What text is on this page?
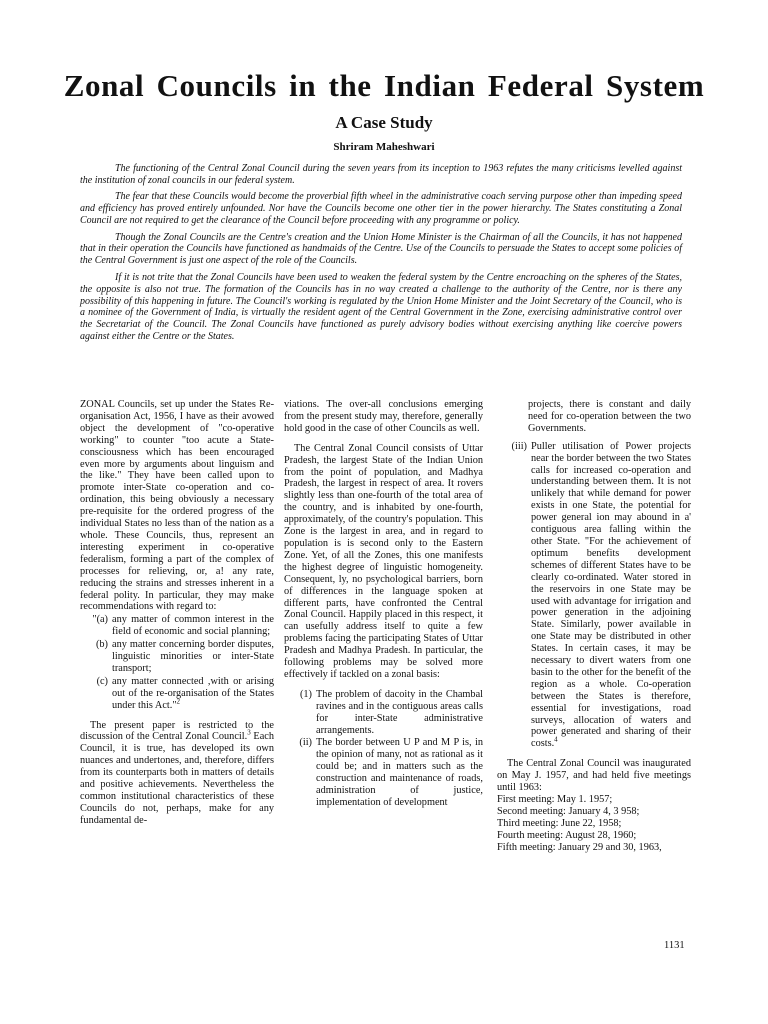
Zonal Councils in the Indian Federal System
A Case Study

Shriram Maheshwari

The functioning of the Central Zonal Council during the seven years from its inception to 1963 refutes the many criticisms levelled against the institution of zonal councils in our federal system.

The fear that these Councils would become the proverbial fifth wheel in the administrative coach serving purpose other than impeding speed and efficiency has proved entirely unfounded. Nor have the Councils become one other tier in the power hierarchy. The States constituting a Zonal Council are not required to get the clearance of the Council before proceeding with any programme or policy.

Though the Zonal Councils are the Centre's creation and the Union Home Minister is the Chairman of all the Councils, it has not happened that in their operation the Councils have functioned as handmaids of the Centre. Use of the Councils to persuade the States to accept some policies of the Central Government is just one aspect of the role of the Councils.

If it is not trite that the Zonal Councils have been used to weaken the federal system by the Centre encroaching on the spheres of the States, the opposite is also not true. The formation of the Councils has in no way created a challenge to the authority of the Centre, nor is there any possibility of this happening in future. The Council's working is regulated by the Union Home Minister and the Joint Secretary of the Council, who is a nominee of the Government of India, is virtually the resident agent of the Central Government in the Zone, exercising administrative control over the Secretariat of the Council. The Zonal Councils have functioned as purely advisory bodies without exercising anything like coercive powers against either the Centre or the States.

ZONAL Councils, set up under the States Re-organisation Act, 1956, I have as their avowed object the development of "co-operative working" to counter "too acute a State-consciousness which has been encouraged even more by arguments about linguism and the like." They have been called upon to promote inter-State co-operation and co-ordination, this being obviously a necessary pre-requisite for the ordered progress of the individual States no less than of the nation as a whole. These Councils, thus, represent an interesting experiment in co-operative federalism, forming a part of the complex of processes for relieving, or, a! any rate, reducing the strains and stresses inherent in a federal polity. In particular, they may make recommendations with regard to:

"(a) any matter of common interest in the field of economic and social planning;
(b) any matter concerning border disputes, linguistic minorities or inter-State transport;
(c) any matter connected ,with or arising out of the re-organisation of the States under this Act."$^2$

The present paper is restricted to the discussion of the Central Zonal Council.$^3$ Each Council, it is true, has developed its own nuances and undertones, and, therefore, differs from its counterparts both in matters of details and positive achievements. Nevertheless the common institutional characteristics of these Councils do not, perhaps, make for any fundamental de-

viations. The over-all conclusions emerging from the present study may, therefore, generally hold good in the case of other Councils as well.

The Central Zonal Council consists of Uttar Pradesh, the largest State of the Indian Union from the point of population, and Madhya Pradesh, the largest in respect of area. It rovers slightly less than one-fourth of the total area of the country, and is inhabited by one-fourth, approximately, of the country's population. This Zone is the largest in area, and in regard to population is is second only to the Eastern Zone. Yet, of all the Zones, this one manifests the highest degree of linguistic homogeneity. Consequent, ly, no psychological barriers, born of differences in the language spoken at different parts, have confronted the Central Zonal Council. Happily placed in this respect, it can usefully address itself to quite a few problems facing the participating States of Uttar Pradesh and Madhya Pradesh. In particular, the following problems may be solved more effectively if tackled on a zonal basis:

(1) The problem of dacoity in the Chambal ravines and in the contiguous areas calls for inter-State administrative arrangements.
(ii) The border between U P and M P is, in the opinion of many, not as rational as it could be; and in matters such as the construction and maintenance of roads, administration of justice, implementation of development

projects, there is constant and daily need for co-operation between the two Governments.

(iii) Puller utilisation of Power projects near the border between the two States calls for increased co-operation and understanding between them. It is not unlikely that while demand for power exists in one State, the potential for power general ion may abound in a' contiguous area falling within the other State. "For the achievement of optimum benefits development schemes of different States have to be clearly co-ordinated. Water stored in the reservoirs in one State may be used with advantage for irrigation and power generation in the adjoining State. Similarly, power available in one State may be distributed in other States. In certain cases, it may be necessary to divert waters from one basin to the other for the benefit of the region as a whole. Co-operation between the States is therefore, essential for investigations, road surveys, allocation of waters and power generated and sharing of their costs.$^4$

The Central Zonal Council was inaugurated on May J. 1957, and had held five meetings until 1963:

First meeting: May 1. 1957;
Second meeting: January 4, 3 958;
Third meeting: June 22, 1958;
Fourth meeting: August 28, 1960;
Fifth meeting: January 29 and 30, 1963,

1131
